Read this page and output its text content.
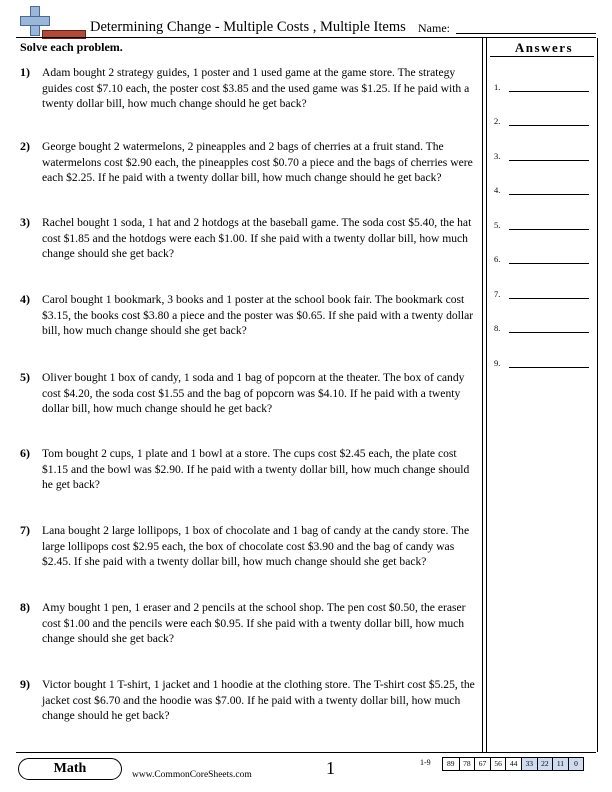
Determining Change - Multiple Costs , Multiple Items Name:
Solve each problem.
1) Adam bought 2 strategy guides, 1 poster and 1 used game at the game store. The strategy guides cost $7.10 each, the poster cost $3.85 and the used game was $1.25. If he paid with a twenty dollar bill, how much change should he get back?
2) George bought 2 watermelons, 2 pineapples and 2 bags of cherries at a fruit stand. The watermelons cost $2.90 each, the pineapples cost $0.70 a piece and the bags of cherries were each $2.25. If he paid with a twenty dollar bill, how much change should he get back?
3) Rachel bought 1 soda, 1 hat and 2 hotdogs at the baseball game. The soda cost $5.40, the hat cost $1.85 and the hotdogs were each $1.00. If she paid with a twenty dollar bill, how much change should she get back?
4) Carol bought 1 bookmark, 3 books and 1 poster at the school book fair. The bookmark cost $3.15, the books cost $3.80 a piece and the poster was $0.65. If she paid with a twenty dollar bill, how much change should she get back?
5) Oliver bought 1 box of candy, 1 soda and 1 bag of popcorn at the theater. The box of candy cost $4.20, the soda cost $1.55 and the bag of popcorn was $4.10. If he paid with a twenty dollar bill, how much change should he get back?
6) Tom bought 2 cups, 1 plate and 1 bowl at a store. The cups cost $2.45 each, the plate cost $1.15 and the bowl was $2.90. If he paid with a twenty dollar bill, how much change should he get back?
7) Lana bought 2 large lollipops, 1 box of chocolate and 1 bag of candy at the candy store. The large lollipops cost $2.95 each, the box of chocolate cost $3.90 and the bag of candy was $2.45. If she paid with a twenty dollar bill, how much change should she get back?
8) Amy bought 1 pen, 1 eraser and 2 pencils at the school shop. The pen cost $0.50, the eraser cost $1.00 and the pencils were each $0.95. If she paid with a twenty dollar bill, how much change should she get back?
9) Victor bought 1 T-shirt, 1 jacket and 1 hoodie at the clothing store. The T-shirt cost $5.25, the jacket cost $6.70 and the hoodie was $7.00. If he paid with a twenty dollar bill, how much change should he get back?
Answers
1.
2.
3.
4.
5.
6.
7.
8.
9.
Math	www.CommonCoreSheets.com	1	1-9	89	78	67	56	44	33	22	11	0
